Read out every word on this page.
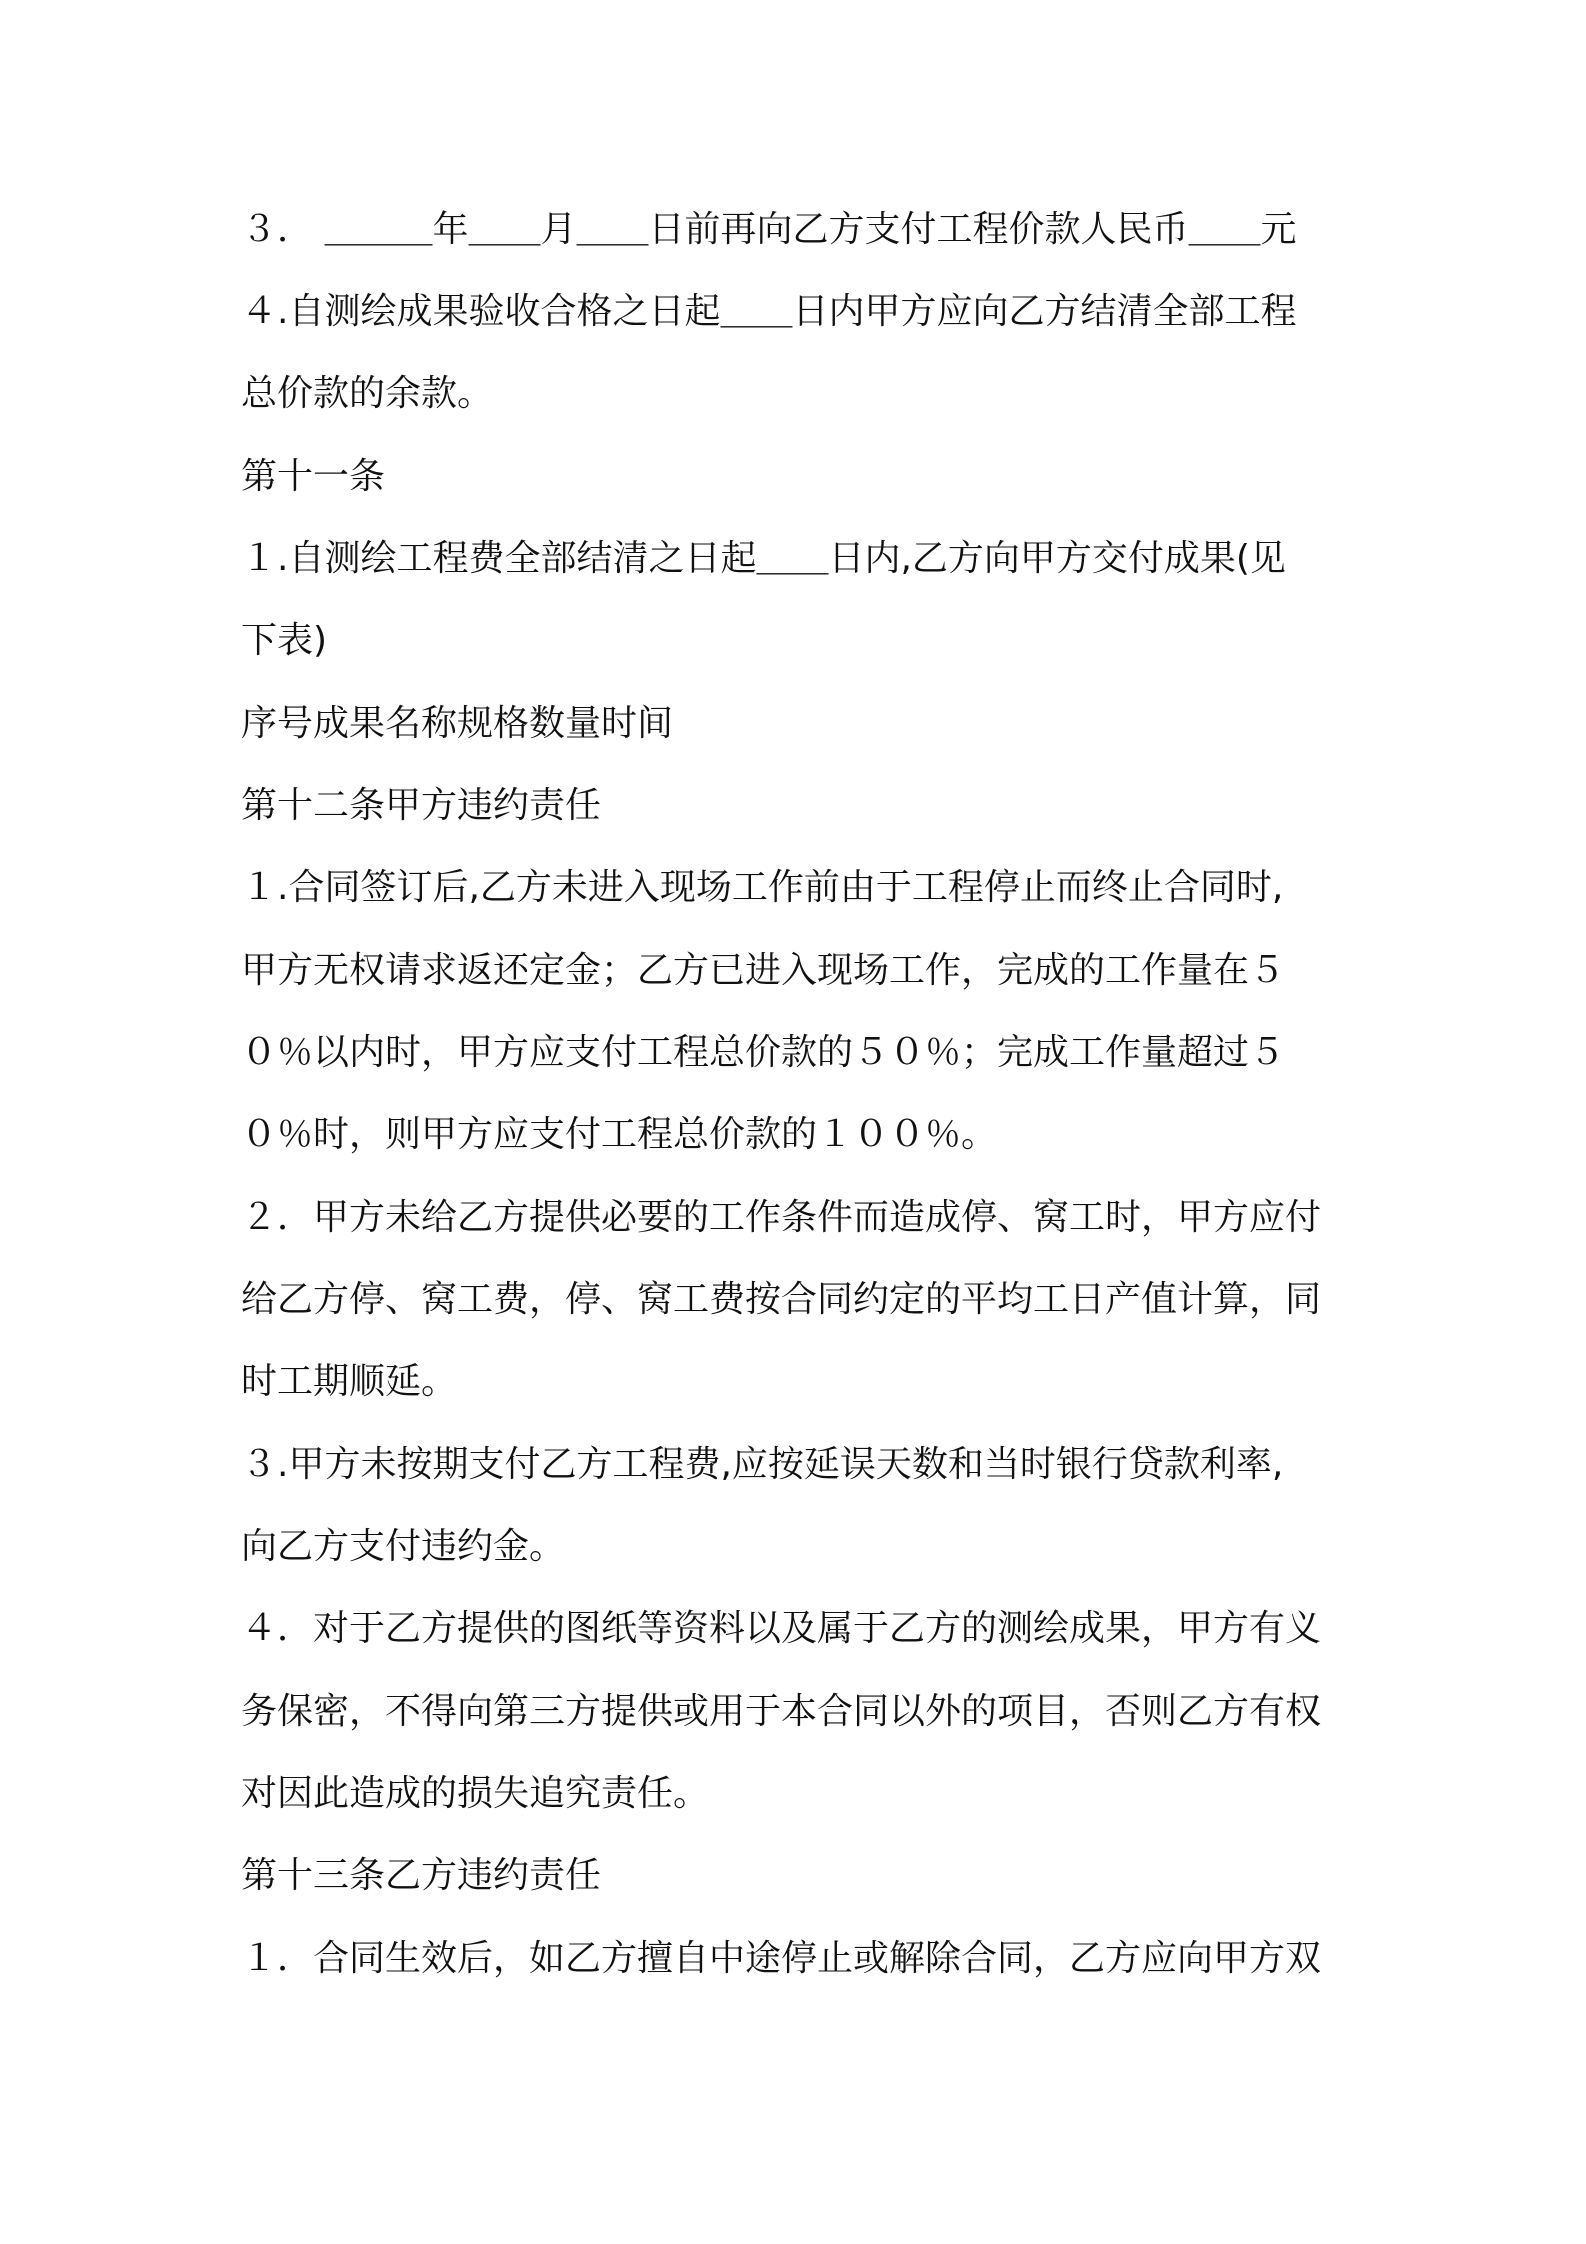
３． ＿＿＿年＿＿月＿＿日前再向乙方支付工程价款人民币＿＿元
４.自测绘成果验收合格之日起＿＿日内甲方应向乙方结清全部工程
总价款的余款。
第十一条
１.自测绘工程费全部结清之日起＿＿日内,乙方向甲方交付成果(见
下表)
序号成果名称规格数量时间
第十二条甲方违约责任
１.合同签订后,乙方未进入现场工作前由于工程停止而终止合同时,
甲方无权请求返还定金；乙方已进入现场工作，完成的工作量在５
０％以内时，甲方应支付工程总价款的５０％；完成工作量超过５
０％时，则甲方应支付工程总价款的１００％。
２．甲方未给乙方提供必要的工作条件而造成停、窝工时，甲方应付
给乙方停、窝工费，停、窝工费按合同约定的平均工日产值计算，同
时工期顺延。
３.甲方未按期支付乙方工程费,应按延误天数和当时银行贷款利率,
向乙方支付违约金。
４．对于乙方提供的图纸等资料以及属于乙方的测绘成果，甲方有义
务保密，不得向第三方提供或用于本合同以外的项目，否则乙方有权
对因此造成的损失追究责任。
第十三条乙方违约责任
１．合同生效后，如乙方擅自中途停止或解除合同，乙方应向甲方双
